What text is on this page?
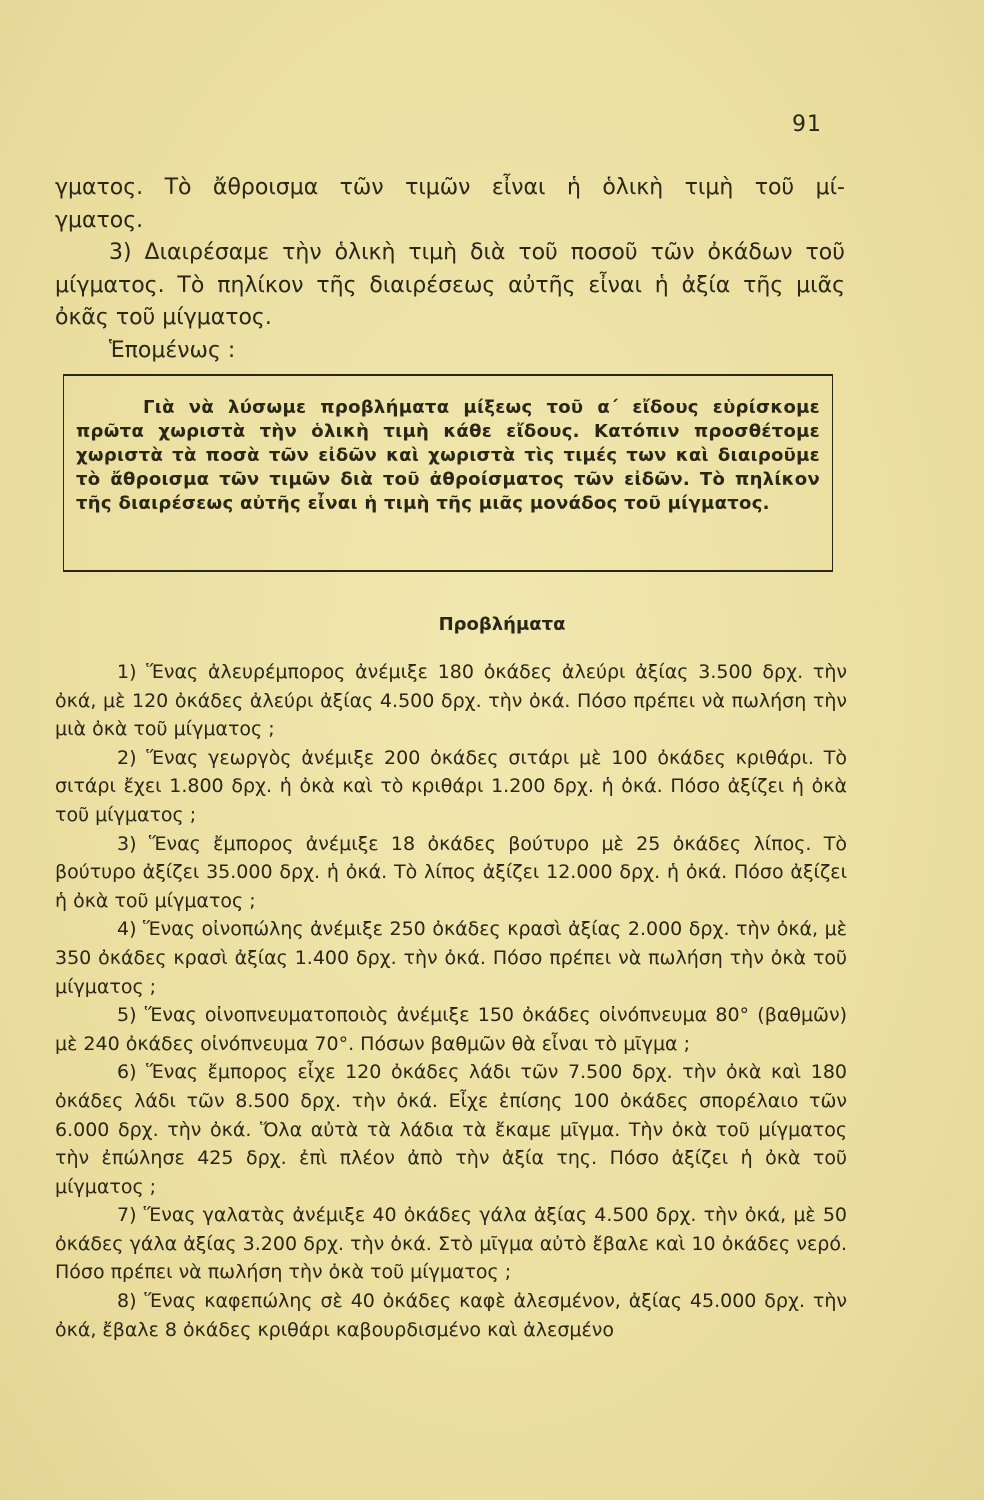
91

γματος. Τὸ ἄθροισμα τῶν τιμῶν εἶναι ἡ ὁλικὴ τιμὴ τοῦ μί-

γματος.

3) Διαιρέσαμε τὴν ὁλικὴ τιμὴ διὰ τοῦ ποσοῦ τῶν ὀκάδων τοῦ μίγματος. Τὸ πηλίκον τῆς διαιρέσεως αὐτῆς εἶναι ἡ ἀξία τῆς μιᾶς ὀκᾶς τοῦ μίγματος.

Ἑπομένως :

Γιὰ νὰ λύσωμε προβλήματα μίξεως τοῦ α΄ εἴδους εὑρίσκομε πρῶτα χωριστὰ τὴν ὁλικὴ τιμὴ κάθε εἴδους. Κατόπιν προσθέτομε χωριστὰ τὰ ποσὰ τῶν εἰδῶν καὶ χωριστὰ τὶς τιμές των καὶ διαιροῦμε τὸ ἄθροισμα τῶν τιμῶν διὰ τοῦ ἀθροίσματος τῶν εἰδῶν. Τὸ πηλίκον τῆς διαιρέσεως αὐτῆς εἶναι ἡ τιμὴ τῆς μιᾶς μονάδος τοῦ μίγματος.

Προβλήματα

1) Ἕνας ἀλευρέμπορος ἀνέμιξε 180 ὀκάδες ἀλεύρι ἀξίας 3.500 δρχ. τὴν ὀκά, μὲ 120 ὀκάδες ἀλεύρι ἀξίας 4.500 δρχ. τὴν ὀκά. Πόσο πρέπει νὰ πωλήση τὴν μιὰ ὀκὰ τοῦ μίγματος ;

2) Ἕνας γεωργὸς ἀνέμιξε 200 ὀκάδες σιτάρι μὲ 100 ὀκάδες κριθάρι. Τὸ σιτάρι ἔχει 1.800 δρχ. ἡ ὀκὰ καὶ τὸ κριθάρι 1.200 δρχ. ἡ ὀκά. Πόσο ἀξίζει ἡ ὀκὰ τοῦ μίγματος ;

3) Ἕνας ἔμπορος ἀνέμιξε 18 ὀκάδες βούτυρο μὲ 25 ὀκάδες λίπος. Τὸ βούτυρο ἀξίζει 35.000 δρχ. ἡ ὀκά. Τὸ λίπος ἀξίζει 12.000 δρχ. ἡ ὀκά. Πόσο ἀξίζει ἡ ὀκὰ τοῦ μίγματος ;

4) Ἕνας οἰνοπώλης ἀνέμιξε 250 ὀκάδες κρασὶ ἀξίας 2.000 δρχ. τὴν ὀκά, μὲ 350 ὀκάδες κρασὶ ἀξίας 1.400 δρχ. τὴν ὀκά. Πόσο πρέπει νὰ πωλήση τὴν ὀκὰ τοῦ μίγματος ;

5) Ἕνας οἰνοπνευματοποιὸς ἀνέμιξε 150 ὀκάδες οἰνόπνευμα 80° (βαθμῶν) μὲ 240 ὀκάδες οἰνόπνευμα 70°. Πόσων βαθμῶν θὰ εἶναι τὸ μῖγμα ;

6) Ἕνας ἔμπορος εἶχε 120 ὀκάδες λάδι τῶν 7.500 δρχ. τὴν ὀκὰ καὶ 180 ὀκάδες λάδι τῶν 8.500 δρχ. τὴν ὀκά. Εἶχε ἐπίσης 100 ὀκάδες σπορέλαιο τῶν 6.000 δρχ. τὴν ὀκά. Ὅλα αὐτὰ τὰ λάδια τὰ ἔκαμε μῖγμα. Τὴν ὀκὰ τοῦ μίγματος τὴν ἐπώλησε 425 δρχ. ἐπὶ πλέον ἀπὸ τὴν ἀξία της. Πόσο ἀξίζει ἡ ὀκὰ τοῦ μίγματος ;

7) Ἕνας γαλατὰς ἀνέμιξε 40 ὀκάδες γάλα ἀξίας 4.500 δρχ. τὴν ὀκά, μὲ 50 ὀκάδες γάλα ἀξίας 3.200 δρχ. τὴν ὀκά. Στὸ μῖγμα αὐτὸ ἔβαλε καὶ 10 ὀκάδες νερό. Πόσο πρέπει νὰ πωλήση τὴν ὀκὰ τοῦ μίγματος ;

8) Ἕνας καφεπώλης σὲ 40 ὀκάδες καφὲ ἀλεσμένον, ἀξίας 45.000 δρχ. τὴν ὀκά, ἔβαλε 8 ὀκάδες κριθάρι καβουρδισμένο καὶ ἀλεσμένο
